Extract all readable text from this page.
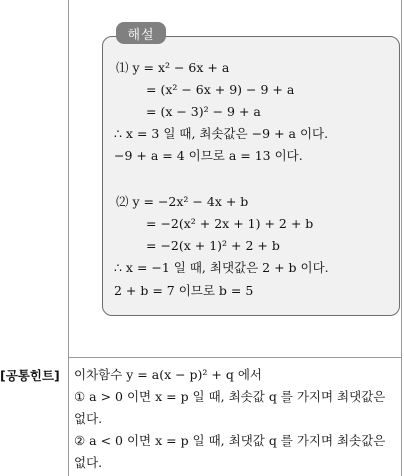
해설
⑴ y = x² − 6x + a
= (x² − 6x + 9) − 9 + a
= (x − 3)² − 9 + a
∴ x = 3 일 때, 최솟값은 −9 + a 이다.
−9 + a = 4 이므로 a = 13 이다.
⑵ y = −2x² − 4x + b
= −2(x² + 2x + 1) + 2 + b
= −2(x + 1)² + 2 + b
∴ x = −1 일 때, 최댓값은 2 + b 이다.
2 + b = 7 이므로 b = 5
[공통힌트] 이차함수 y = a(x − p)² + q 에서
① a > 0 이면 x = p 일 때, 최솟값 q 를 가지며 최댓값은
없다.
② a < 0 이면 x = p 일 때, 최댓값 q 를 가지며 최솟값은
없다.
